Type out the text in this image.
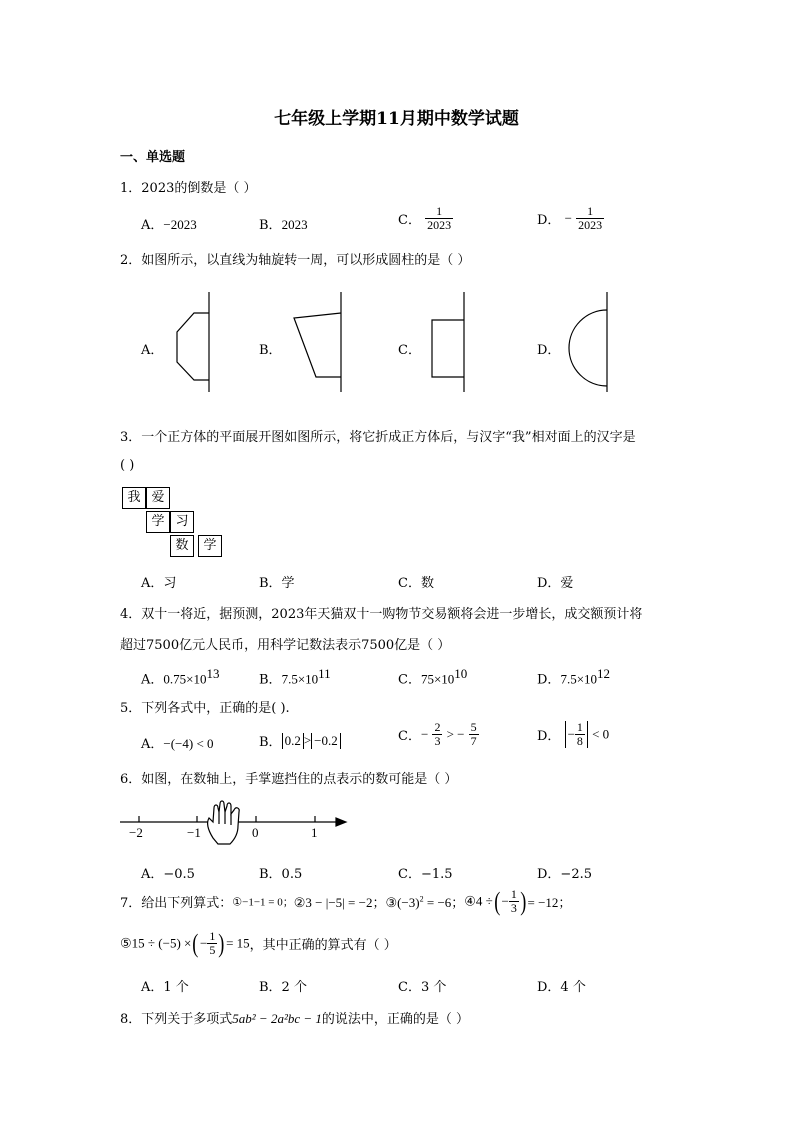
七年级上学期11月期中数学试题
一、单选题
1．2023的倒数是（ ）
A．−2023	B．2023	C． $\frac{1}{2023}$	D． − $\frac{1}{2023}$
2．如图所示，以直线为轴旋转一周，可以形成圆柱的是（ ）
A．	B．	C．	D．
3．一个正方体的平面展开图如图所示，将它折成正方体后，与汉字“我”相对面上的汉字是
( )
我 爱
学 习
数	学
A．习	B．学	C．数	D．爱
4．双十一将近，据预测，2023年天猫双十一购物节交易额将会进一步增长，成交额预计将
超过7500亿元人民币，用科学记数法表示7500亿是（ ）
A．$0.75\times 10^{13}$	B．$7.5\times 10^{11}$	C．$75\times 10^{10}$	D．$7.5\times 10^{12}$
5．下列各式中，正确的是( ).
A．−(−4) < 0	B． 0.2 > −0.2	C．− $\frac{2}{3}$ > − $\frac{5}{7}$	D． − $\frac{1}{8} < 0$
6．如图，在数轴上，手掌遮挡住的点表示的数可能是（ ）
−2	−1	0	1
A．−0.5	B．0.5	C．−1.5	D．−2.5
7．给出下列算式：①−1−1 = 0；②3 − |−5| = −2；$③(-3)^2 = -6$；④4 ÷(− $\frac{1}{3}$ )= −12；
⑤15 ÷ (−5) ×(− $\frac{1}{5}$ )= 15，其中正确的算式有（ ）
A．1 个	B．2 个	C．3 个	D．4 个
8．下列关于多项式5ab² − 2a²bc − 1的说法中，正确的是（ ）
